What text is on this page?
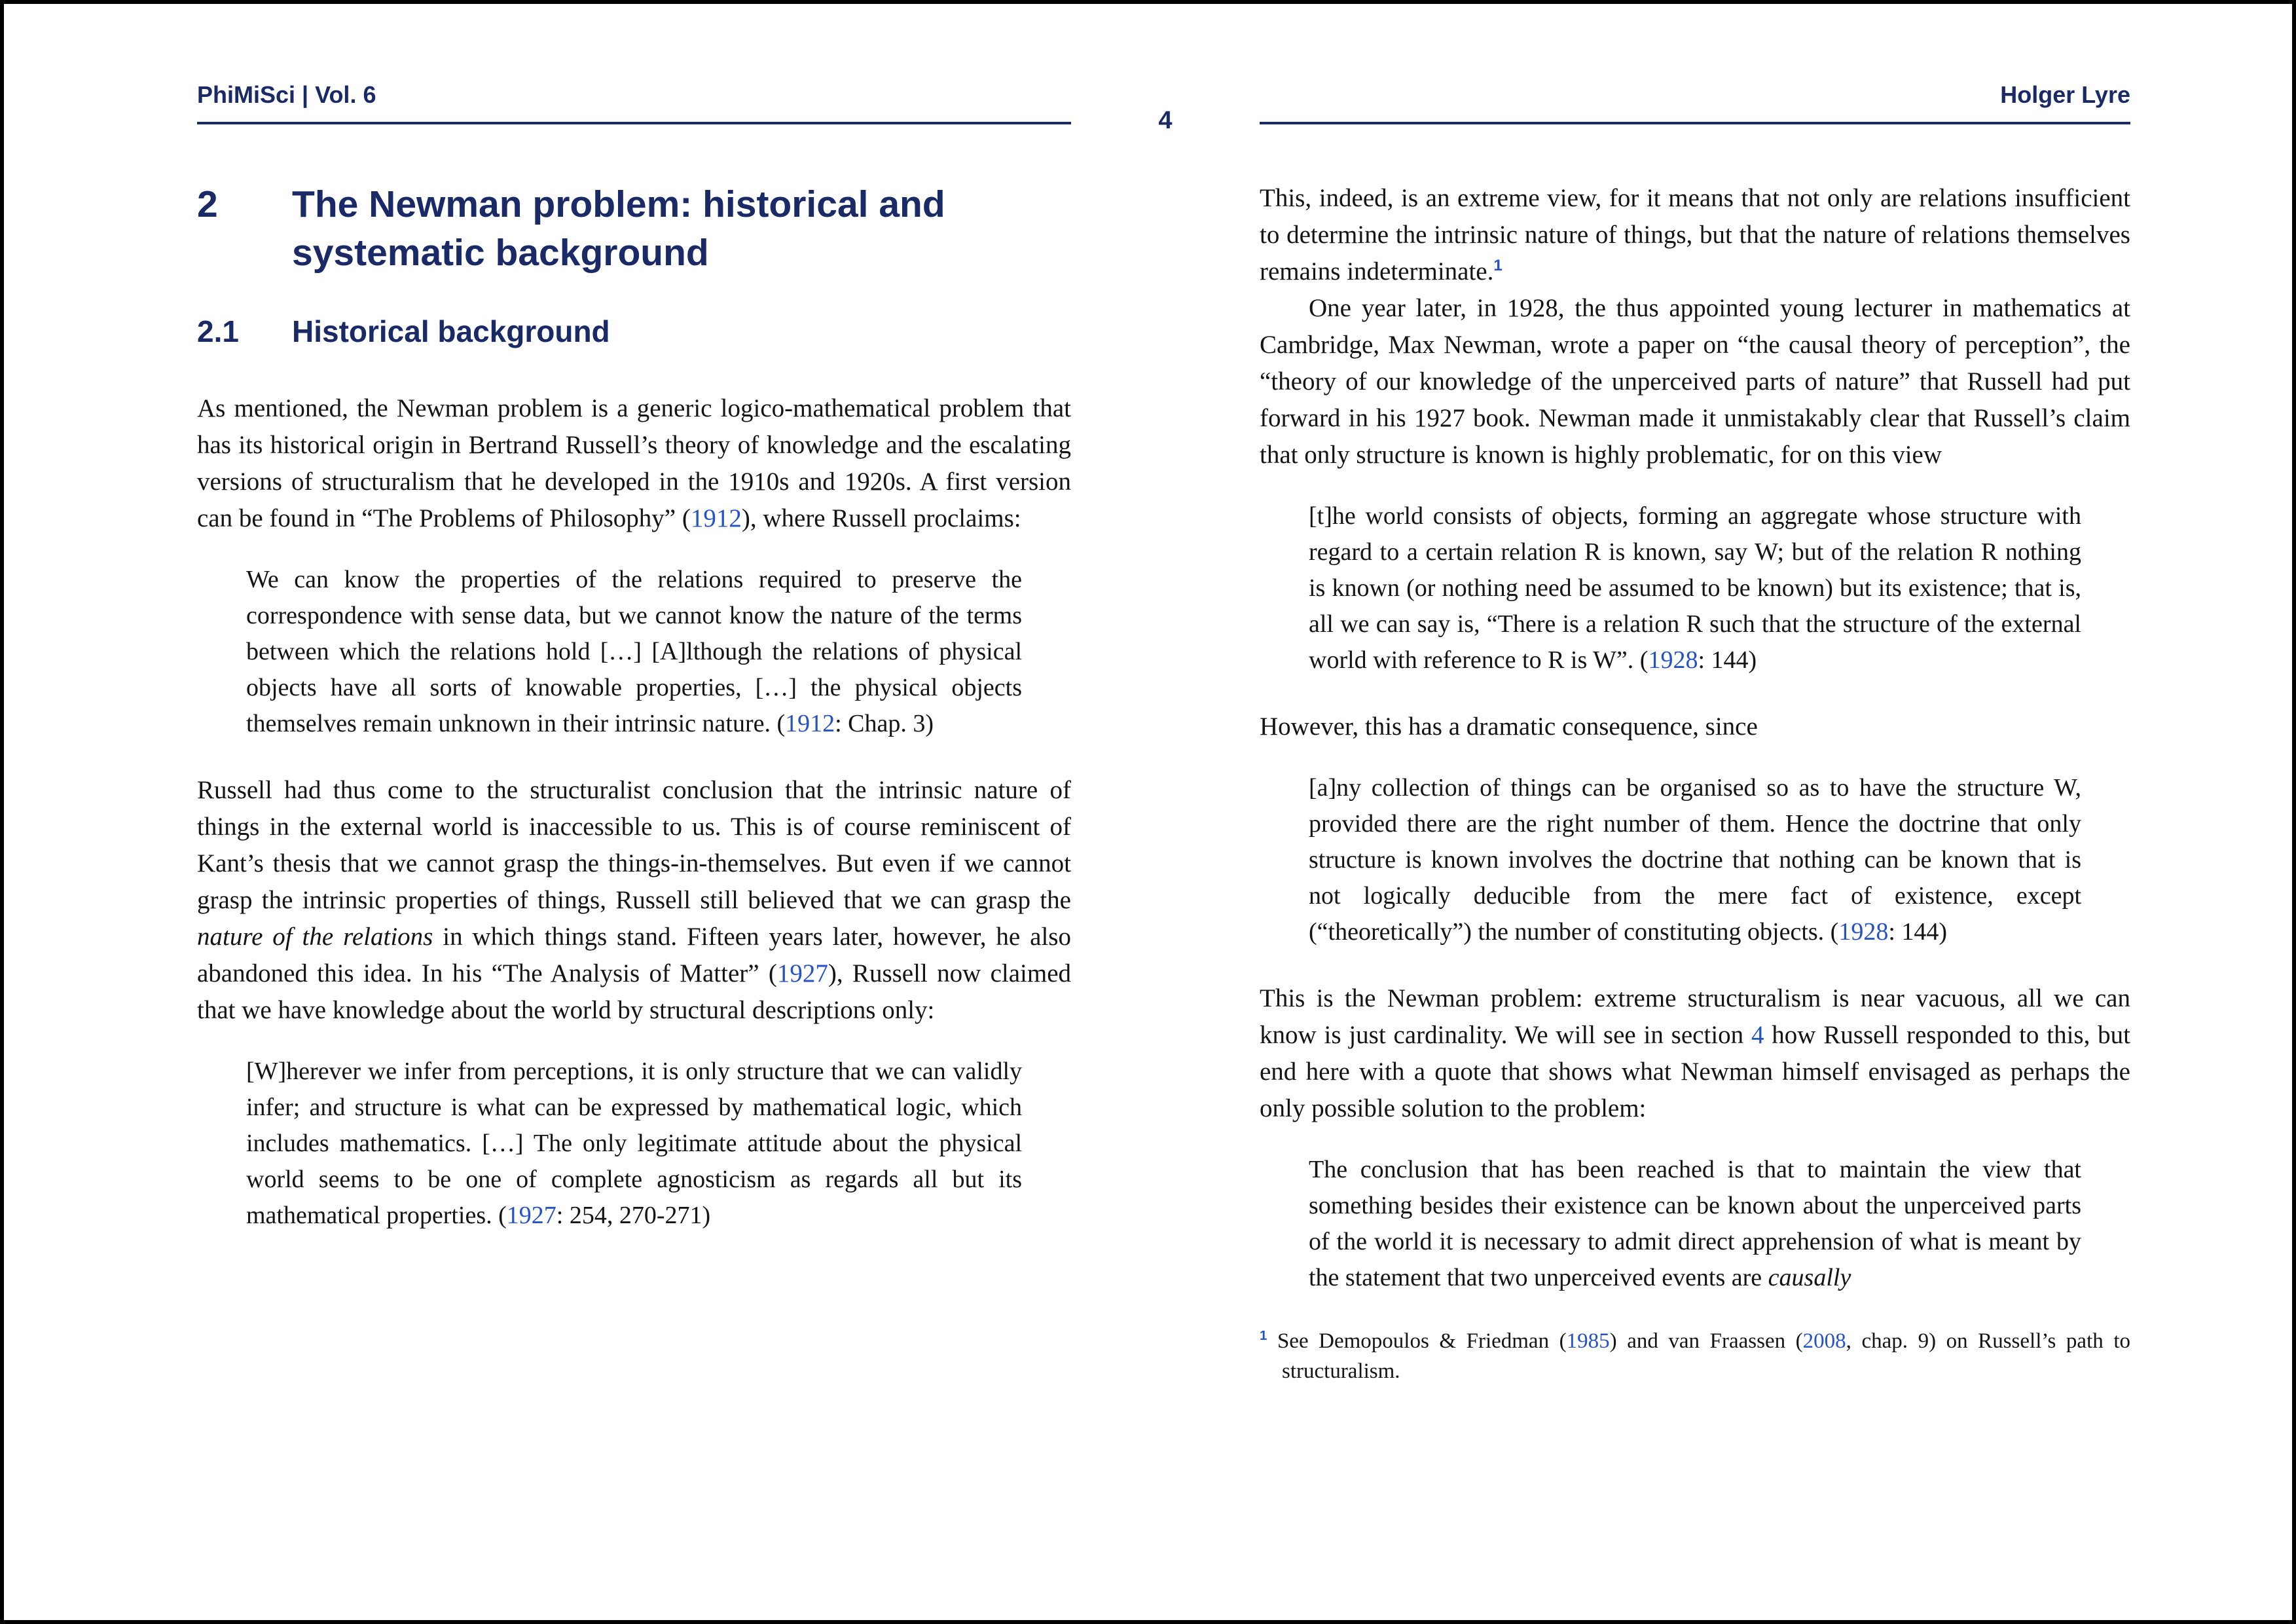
PhiMiSci | Vol. 6
4
Holger Lyre
2	The Newman problem: historical and systematic background
2.1	Historical background

As mentioned, the Newman problem is a generic logico-mathematical problem that has its historical origin in Bertrand Russell’s theory of knowledge and the escalating versions of structuralism that he developed in the 1910s and 1920s. A first version can be found in “The Problems of Philosophy” (1912), where Russell proclaims:

We can know the properties of the relations required to preserve the correspondence with sense data, but we cannot know the nature of the terms between which the relations hold […] [A]lthough the relations of physical objects have all sorts of knowable properties, […] the physical objects themselves remain unknown in their intrinsic nature. (1912: Chap. 3)

Russell had thus come to the structuralist conclusion that the intrinsic nature of things in the external world is inaccessible to us. This is of course reminiscent of Kant’s thesis that we cannot grasp the things-in-themselves. But even if we cannot grasp the intrinsic properties of things, Russell still believed that we can grasp the nature of the relations in which things stand. Fifteen years later, however, he also abandoned this idea. In his “The Analysis of Matter” (1927), Russell now claimed that we have knowledge about the world by structural descriptions only:

[W]herever we infer from perceptions, it is only structure that we can validly infer; and structure is what can be expressed by mathematical logic, which includes mathematics. […] The only legitimate attitude about the physical world seems to be one of complete agnosticism as regards all but its mathematical properties. (1927: 254, 270-271)

This, indeed, is an extreme view, for it means that not only are relations insufficient to determine the intrinsic nature of things, but that the nature of relations themselves remains indeterminate.$^1$

One year later, in 1928, the thus appointed young lecturer in mathematics at Cambridge, Max Newman, wrote a paper on “the causal theory of perception”, the “theory of our knowledge of the unperceived parts of nature” that Russell had put forward in his 1927 book. Newman made it unmistakably clear that Russell’s claim that only structure is known is highly problematic, for on this view

[t]he world consists of objects, forming an aggregate whose structure with regard to a certain relation R is known, say W; but of the relation R nothing is known (or nothing need be assumed to be known) but its existence; that is, all we can say is, “There is a relation R such that the structure of the external world with reference to R is W”. (1928: 144)

However, this has a dramatic consequence, since

[a]ny collection of things can be organised so as to have the structure W, provided there are the right number of them. Hence the doctrine that only structure is known involves the doctrine that nothing can be known that is not logically deducible from the mere fact of existence, except (“theoretically”) the number of constituting objects. (1928: 144)

This is the Newman problem: extreme structuralism is near vacuous, all we can know is just cardinality. We will see in section 4 how Russell responded to this, but end here with a quote that shows what Newman himself envisaged as perhaps the only possible solution to the problem:

The conclusion that has been reached is that to maintain the view that something besides their existence can be known about the unperceived parts of the world it is necessary to admit direct apprehension of what is meant by the statement that two unperceived events are causally
$^1$ See Demopoulos & Friedman (1985) and van Fraassen (2008, chap. 9) on Russell’s path to structuralism.
